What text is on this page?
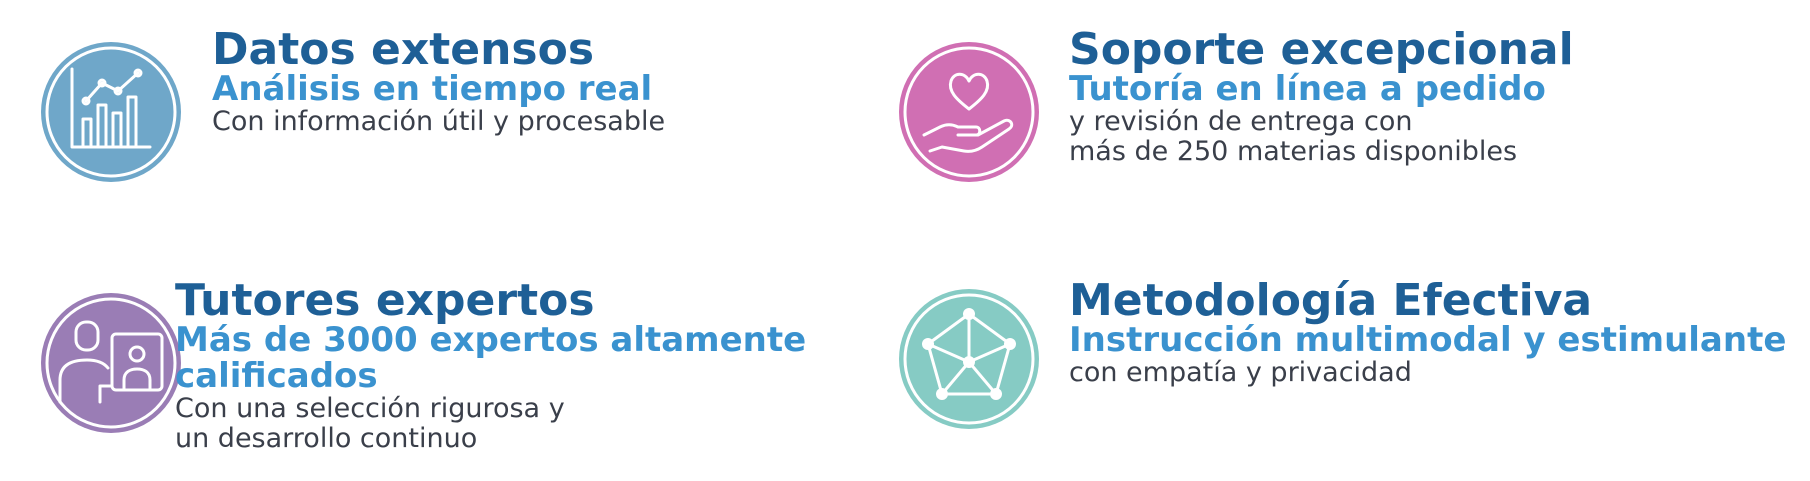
Datos extensos
Análisis en tiempo real
Con información útil y procesable
Soporte excepcional
Tutoría en línea a pedido
y revisión de entrega con
más de 250 materias disponibles
Tutores expertos
Más de 3000 expertos altamente
calificados
Con una selección rigurosa y
un desarrollo continuo
Metodología Efectiva
Instrucción multimodal y estimulante
con empatía y privacidad
